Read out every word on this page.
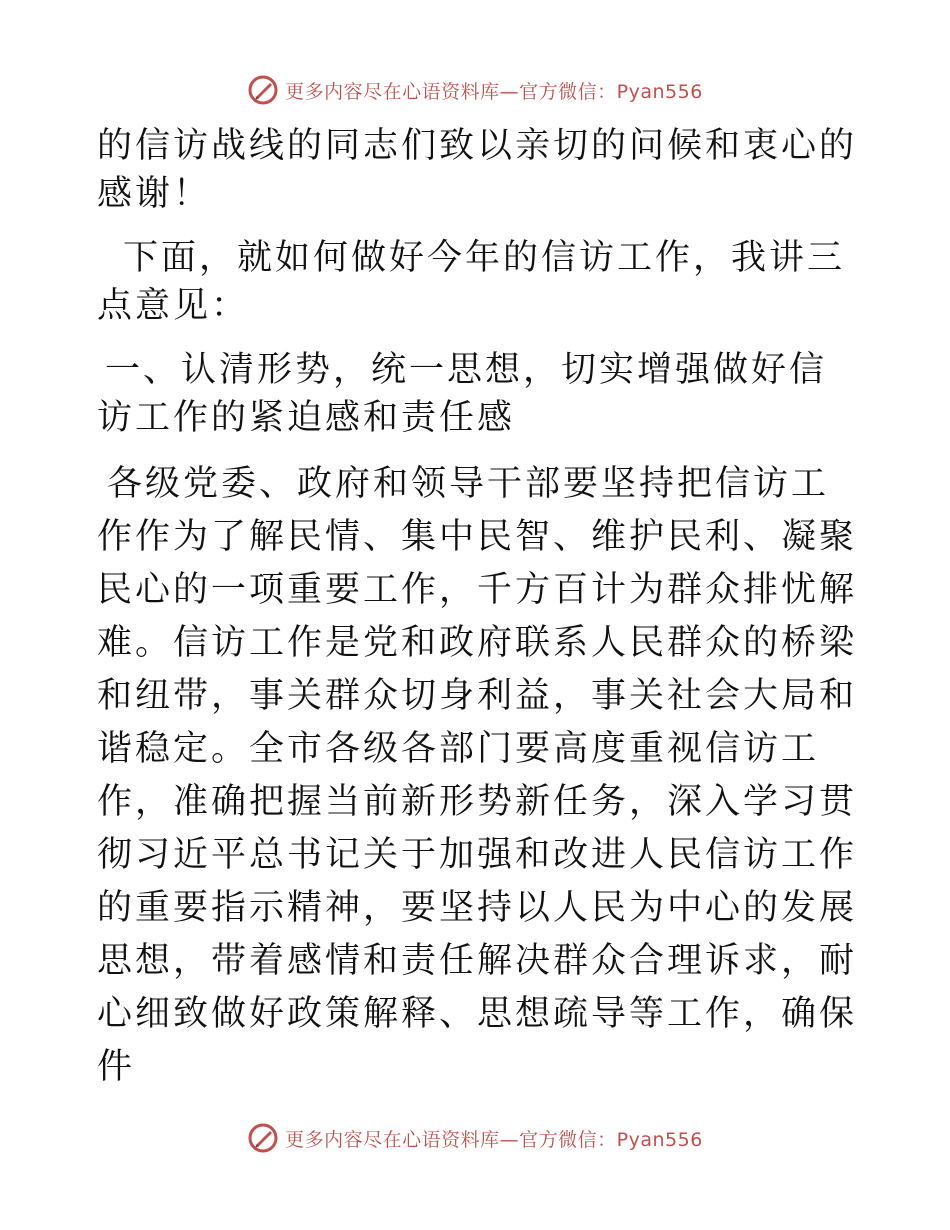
更多内容尽在心语资料库—官方微信：Pyan556

的信访战线的同志们致以亲切的问候和衷心的感谢！

下面，就如何做好今年的信访工作，我讲三点意见：

一、认清形势，统一思想，切实增强做好信访工作的紧迫感和责任感

各级党委、政府和领导干部要坚持把信访工作作为了解民情、集中民智、维护民利、凝聚民心的一项重要工作，千方百计为群众排忧解难。信访工作是党和政府联系人民群众的桥梁和纽带，事关群众切身利益，事关社会大局和谐稳定。全市各级各部门要高度重视信访工作，准确把握当前新形势新任务，深入学习贯彻习近平总书记关于加强和改进人民信访工作的重要指示精神，要坚持以人民为中心的发展思想，带着感情和责任解决群众合理诉求，耐心细致做好政策解释、思想疏导等工作，确保件

更多内容尽在心语资料库—官方微信：Pyan556
